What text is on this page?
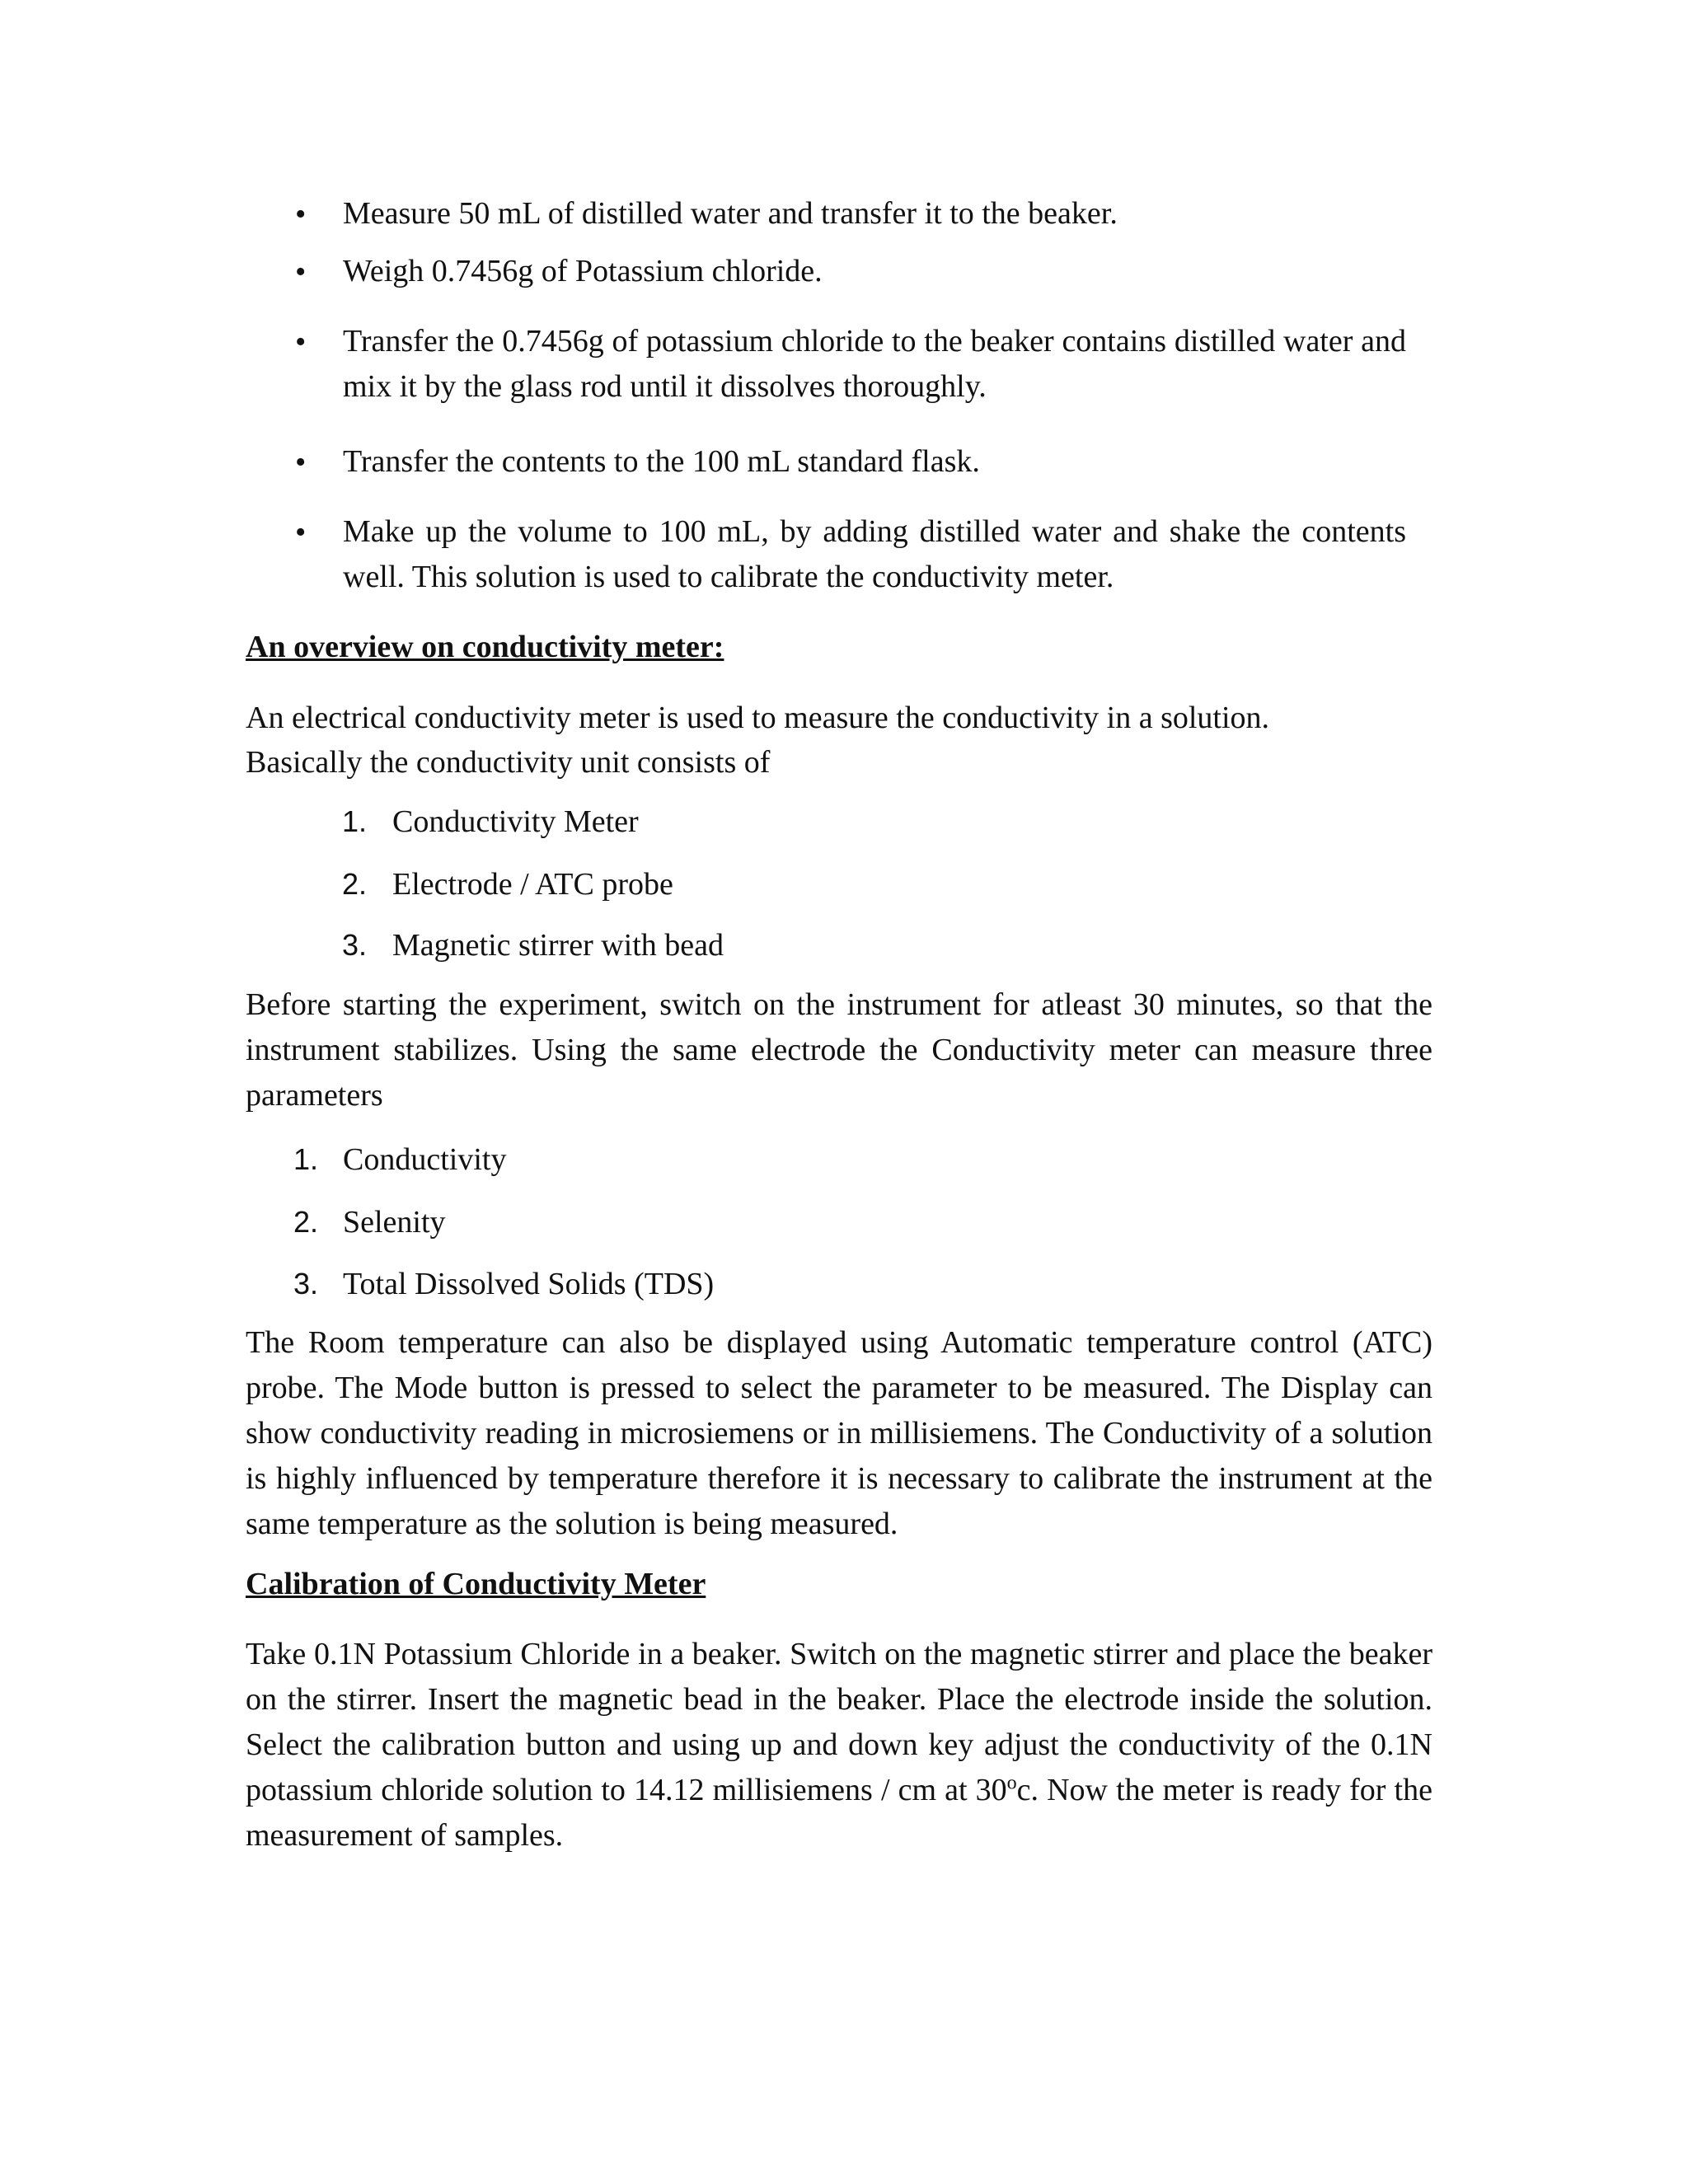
• Measure 50 mL of distilled water and transfer it to the beaker.
• Weigh 0.7456g of Potassium chloride.
• Transfer the 0.7456g of potassium chloride to the beaker contains distilled water and mix it by the glass rod until it dissolves thoroughly.
• Transfer the contents to the 100 mL standard flask.
• Make up the volume to 100 mL, by adding distilled water and shake the contents well. This solution is used to calibrate the conductivity meter.
An overview on conductivity meter:
An electrical conductivity meter is used to measure the conductivity in a solution.
Basically the conductivity unit consists of
1. Conductivity Meter
2. Electrode / ATC probe
3. Magnetic stirrer with bead
Before starting the experiment, switch on the instrument for atleast 30 minutes, so that the instrument stabilizes. Using the same electrode the Conductivity meter can measure three parameters
1. Conductivity
2. Selenity
3. Total Dissolved Solids (TDS)
The Room temperature can also be displayed using Automatic temperature control (ATC) probe. The Mode button is pressed to select the parameter to be measured. The Display can show conductivity reading in microsiemens or in millisiemens. The Conductivity of a solution is highly influenced by temperature therefore it is necessary to calibrate the instrument at the same temperature as the solution is being measured.
Calibration of Conductivity Meter
Take 0.1N Potassium Chloride in a beaker. Switch on the magnetic stirrer and place the beaker on the stirrer. Insert the magnetic bead in the beaker. Place the electrode inside the solution. Select the calibration button and using up and down key adjust the conductivity of the 0.1N potassium chloride solution to 14.12 millisiemens / cm at 30$^o$c. Now the meter is ready for the measurement of samples.
